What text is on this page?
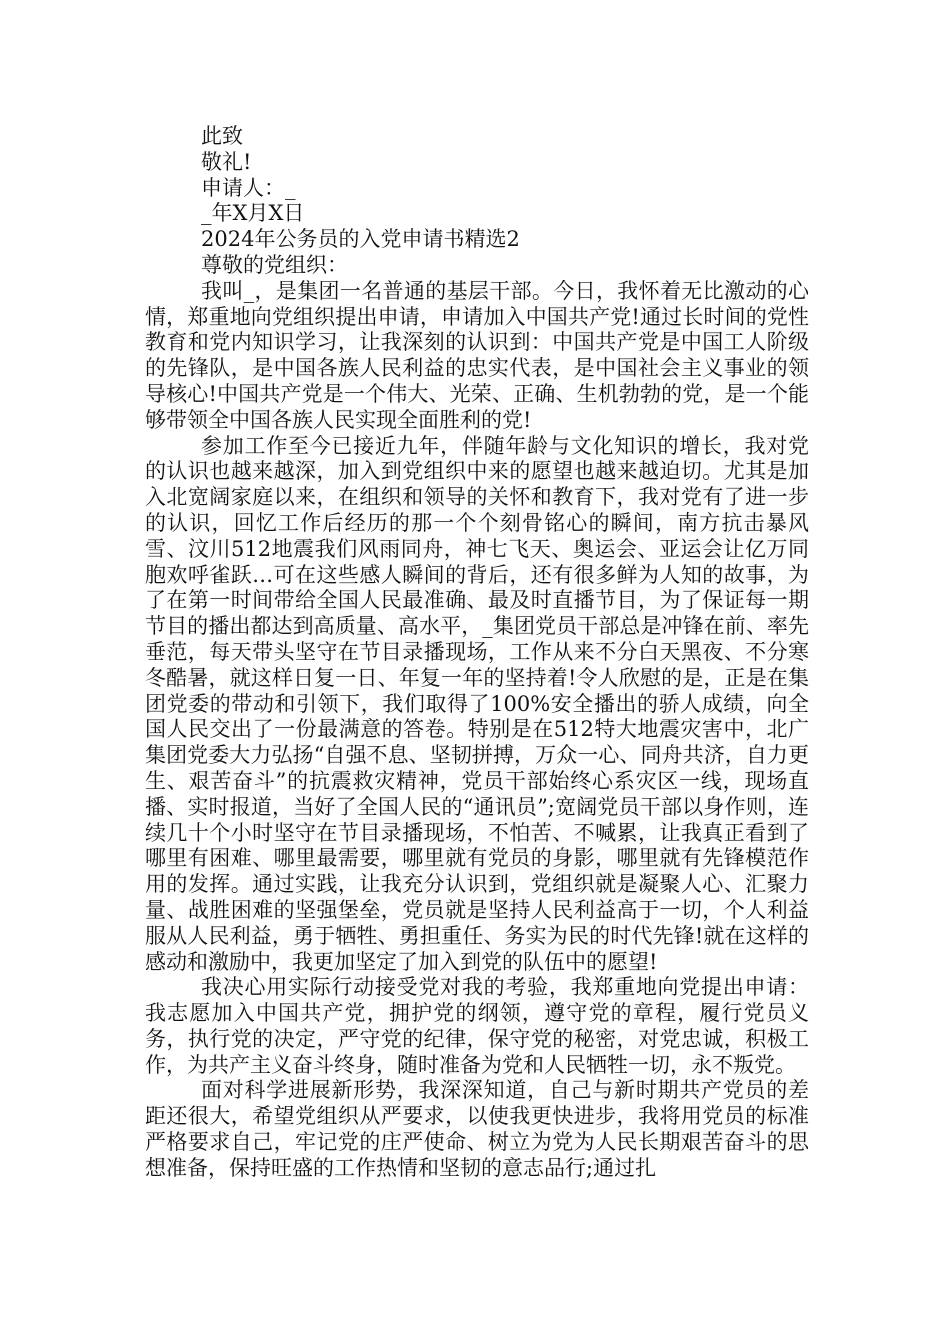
此致
敬礼!
申请人：_
_年X月X日
2024年公务员的入党申请书精选2
尊敬的党组织：

我叫_，是集团一名普通的基层干部。今日，我怀着无比激动的心情，郑重地向党组织提出申请，申请加入中国共产党!通过长时间的党性教育和党内知识学习，让我深刻的认识到：中国共产党是中国工人阶级的先锋队，是中国各族人民利益的忠实代表，是中国社会主义事业的领导核心!中国共产党是一个伟大、光荣、正确、生机勃勃的党，是一个能够带领全中国各族人民实现全面胜利的党!

参加工作至今已接近九年，伴随年龄与文化知识的增长，我对党的认识也越来越深，加入到党组织中来的愿望也越来越迫切。尤其是加入北宽阔家庭以来，在组织和领导的关怀和教育下，我对党有了进一步的认识，回忆工作后经历的那一个个刻骨铭心的瞬间，南方抗击暴风雪、汶川512地震我们风雨同舟，神七飞天、奥运会、亚运会让亿万同胞欢呼雀跃…可在这些感人瞬间的背后，还有很多鲜为人知的故事，为了在第一时间带给全国人民最准确、最及时直播节目，为了保证每一期节目的播出都达到高质量、高水平，_集团党员干部总是冲锋在前、率先垂范，每天带头坚守在节目录播现场，工作从来不分白天黑夜、不分寒冬酷暑，就这样日复一日、年复一年的坚持着!令人欣慰的是，正是在集团党委的带动和引领下，我们取得了100%安全播出的骄人成绩，向全国人民交出了一份最满意的答卷。特别是在512特大地震灾害中，北广集团党委大力弘扬“自强不息、坚韧拼搏，万众一心、同舟共济，自力更生、艰苦奋斗”的抗震救灾精神，党员干部始终心系灾区一线，现场直播、实时报道，当好了全国人民的“通讯员”;宽阔党员干部以身作则，连续几十个小时坚守在节目录播现场，不怕苦、不喊累，让我真正看到了哪里有困难、哪里最需要，哪里就有党员的身影，哪里就有先锋模范作用的发挥。通过实践，让我充分认识到，党组织就是凝聚人心、汇聚力量、战胜困难的坚强堡垒，党员就是坚持人民利益高于一切，个人利益服从人民利益，勇于牺牲、勇担重任、务实为民的时代先锋!就在这样的感动和激励中，我更加坚定了加入到党的队伍中的愿望!

我决心用实际行动接受党对我的考验，我郑重地向党提出申请：我志愿加入中国共产党，拥护党的纲领，遵守党的章程，履行党员义务，执行党的决定，严守党的纪律，保守党的秘密，对党忠诚，积极工作，为共产主义奋斗终身，随时准备为党和人民牺牲一切，永不叛党。

面对科学进展新形势，我深深知道，自己与新时期共产党员的差距还很大，希望党组织从严要求，以使我更快进步，我将用党员的标准严格要求自己，牢记党的庄严使命、树立为党为人民长期艰苦奋斗的思想准备，保持旺盛的工作热情和坚韧的意志品行;通过扎
